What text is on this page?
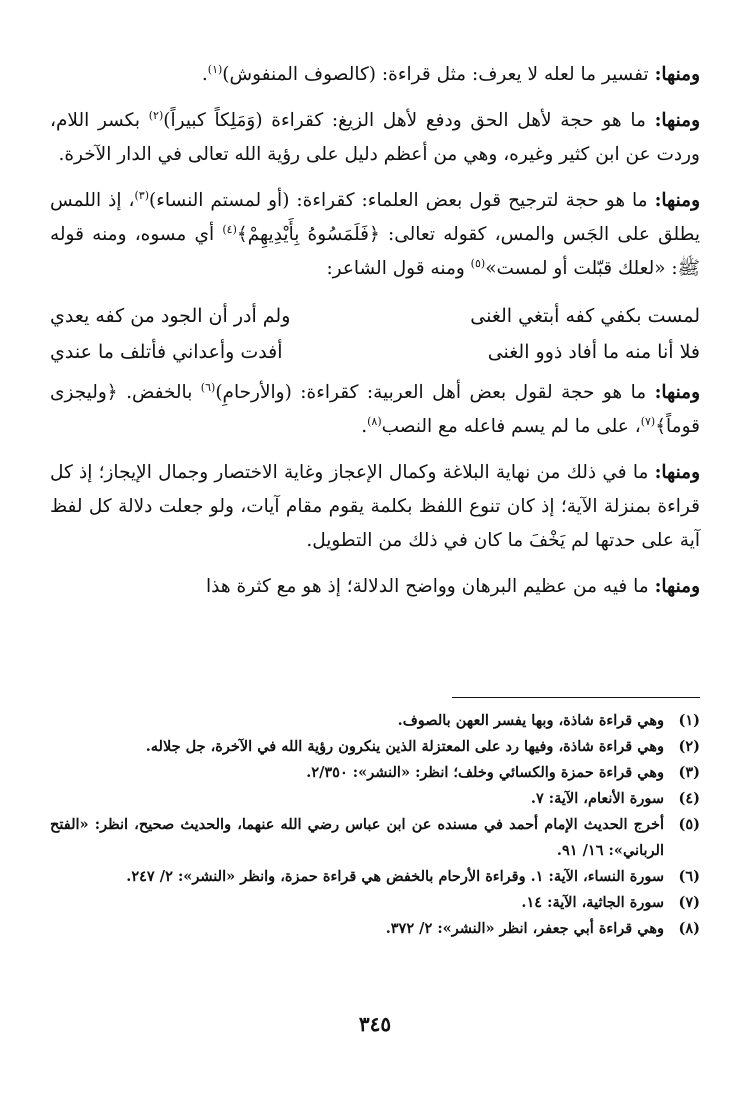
ومنها: تفسير ما لعله لا يعرف: مثل قراءة: (كالصوف المنفوش)$^{(١)}$.

ومنها: ما هو حجة لأهل الحق ودفع لأهل الزيغ: كقراءة (وَمَلِكاً كبيراً)$^{(٢)}$ بكسر اللام، وردت عن ابن كثير وغيره، وهي من أعظم دليل على رؤية الله تعالى في الدار الآخرة.

ومنها: ما هو حجة لترجيح قول بعض العلماء: كقراءة: (أو لمستم النساء)$^{(٣)}$، إذ اللمس يطلق على الجَس والمس، كقوله تعالى: ﴿فَلَمَسُوهُ بِأَيْدِيهِمْ﴾$^{(٤)}$ أي مسوه، ومنه قوله ﷺ: «لعلك قبّلت أو لمست»$^{(٥)}$ ومنه قول الشاعر:

لمست بكفي كفه أبتغي الغنى
ولم أدر أن الجود من كفه يعدي
فلا أنا منه ما أفاد ذوو الغنى
أفدت وأعداني فأتلف ما عندي

ومنها: ما هو حجة لقول بعض أهل العربية: كقراءة: (والأرحامِ)$^{(٦)}$ بالخفض. ﴿وليجزى قوماً﴾$^{(٧)}$، على ما لم يسم فاعله مع النصب$^{(٨)}$.

ومنها: ما في ذلك من نهاية البلاغة وكمال الإعجاز وغاية الاختصار وجمال الإيجاز؛ إذ كل قراءة بمنزلة الآية؛ إذ كان تنوع اللفظ بكلمة يقوم مقام آيات، ولو جعلت دلالة كل لفظ آية على حدتها لم يَخْفَ ما كان في ذلك من التطويل.

ومنها: ما فيه من عظيم البرهان وواضح الدلالة؛ إذ هو مع كثرة هذا

(١)
وهي قراءة شاذة، وبها يفسر العهن بالصوف.
(٢)
وهي قراءة شاذة، وفيها رد على المعتزلة الذين ينكرون رؤية الله في الآخرة، جل جلاله.
(٣)
وهي قراءة حمزة والكسائي وخلف؛ انظر: «النشر»: ٢/٣٥٠.
(٤)
سورة الأنعام، الآية: ٧.
(٥)
أخرج الحديث الإمام أحمد في مسنده عن ابن عباس رضي الله عنهما، والحديث صحيح، انظر: «الفتح الرباني»: ١٦/ ٩١.
(٦)
سورة النساء، الآية: ١. وقراءة الأرحام بالخفض هي قراءة حمزة، وانظر «النشر»: ٢/ ٢٤٧.
(٧)
سورة الجاثية، الآية: ١٤.
(٨)
وهي قراءة أبي جعفر، انظر «النشر»: ٢/ ٣٧٢.
٣٤٥
